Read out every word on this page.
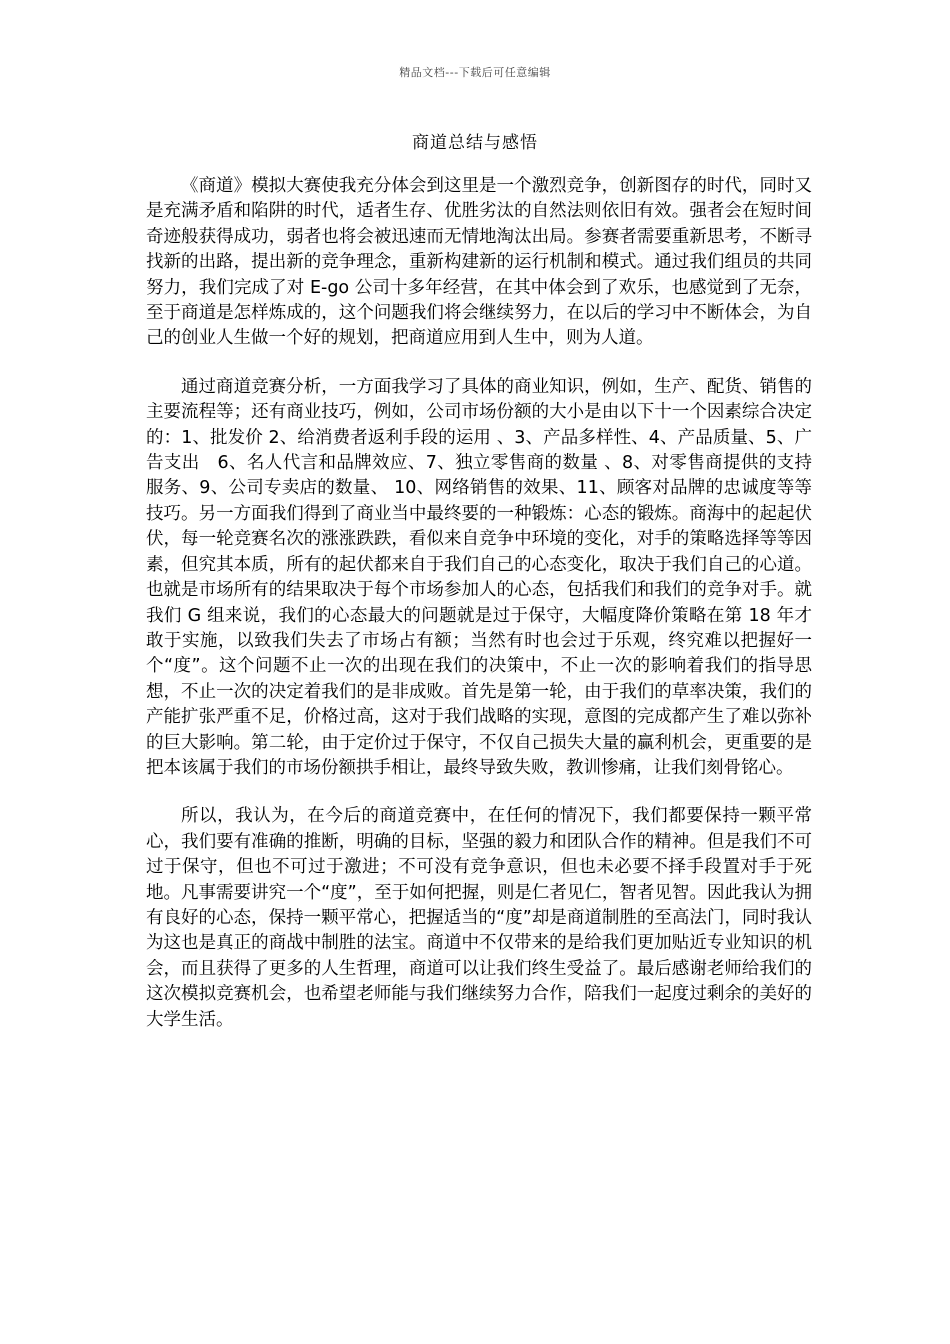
精品文档---下载后可任意编辑
商道总结与感悟

《商道》模拟大赛使我充分体会到这里是一个激烈竞争，创新图存的时代，同时又是充满矛盾和陷阱的时代，适者生存、优胜劣汰的自然法则依旧有效。强者会在短时间奇迹般获得成功，弱者也将会被迅速而无情地淘汰出局。参赛者需要重新思考，不断寻找新的出路，提出新的竞争理念，重新构建新的运行机制和模式。通过我们组员的共同努力，我们完成了对 E-go 公司十多年经营，在其中体会到了欢乐，也感觉到了无奈，至于商道是怎样炼成的，这个问题我们将会继续努力，在以后的学习中不断体会，为自己的创业人生做一个好的规划，把商道应用到人生中，则为人道。

通过商道竞赛分析，一方面我学习了具体的商业知识，例如，生产、配货、销售的主要流程等；还有商业技巧，例如，公司市场份额的大小是由以下十一个因素综合决定的：1、批发价 2、给消费者返利手段的运用 、3、产品多样性、4、产品质量、5、广告支出　6、名人代言和品牌效应、7、独立零售商的数量 、8、对零售商提供的支持服务、9、公司专卖店的数量、 10、网络销售的效果、11、顾客对品牌的忠诚度等等技巧。另一方面我们得到了商业当中最终要的一种锻炼：心态的锻炼。商海中的起起伏伏，每一轮竞赛名次的涨涨跌跌，看似来自竞争中环境的变化，对手的策略选择等等因素，但究其本质，所有的起伏都来自于我们自己的心态变化，取决于我们自己的心道。也就是市场所有的结果取决于每个市场参加人的心态，包括我们和我们的竞争对手。就我们 G 组来说，我们的心态最大的问题就是过于保守，大幅度降价策略在第 18 年才敢于实施，以致我们失去了市场占有额；当然有时也会过于乐观，终究难以把握好一个“度”。这个问题不止一次的出现在我们的决策中，不止一次的影响着我们的指导思想，不止一次的决定着我们的是非成败。首先是第一轮，由于我们的草率决策，我们的产能扩张严重不足，价格过高，这对于我们战略的实现，意图的完成都产生了难以弥补的巨大影响。第二轮，由于定价过于保守，不仅自己损失大量的赢利机会，更重要的是把本该属于我们的市场份额拱手相让，最终导致失败，教训惨痛，让我们刻骨铭心。

所以，我认为，在今后的商道竞赛中，在任何的情况下，我们都要保持一颗平常心，我们要有准确的推断，明确的目标，坚强的毅力和团队合作的精神。但是我们不可过于保守，但也不可过于激进；不可没有竞争意识，但也未必要不择手段置对手于死地。凡事需要讲究一个“度”，至于如何把握，则是仁者见仁，智者见智。因此我认为拥有良好的心态，保持一颗平常心，把握适当的“度”却是商道制胜的至高法门，同时我认为这也是真正的商战中制胜的法宝。商道中不仅带来的是给我们更加贴近专业知识的机会，而且获得了更多的人生哲理，商道可以让我们终生受益了。最后感谢老师给我们的这次模拟竞赛机会，也希望老师能与我们继续努力合作，陪我们一起度过剩余的美好的大学生活。
